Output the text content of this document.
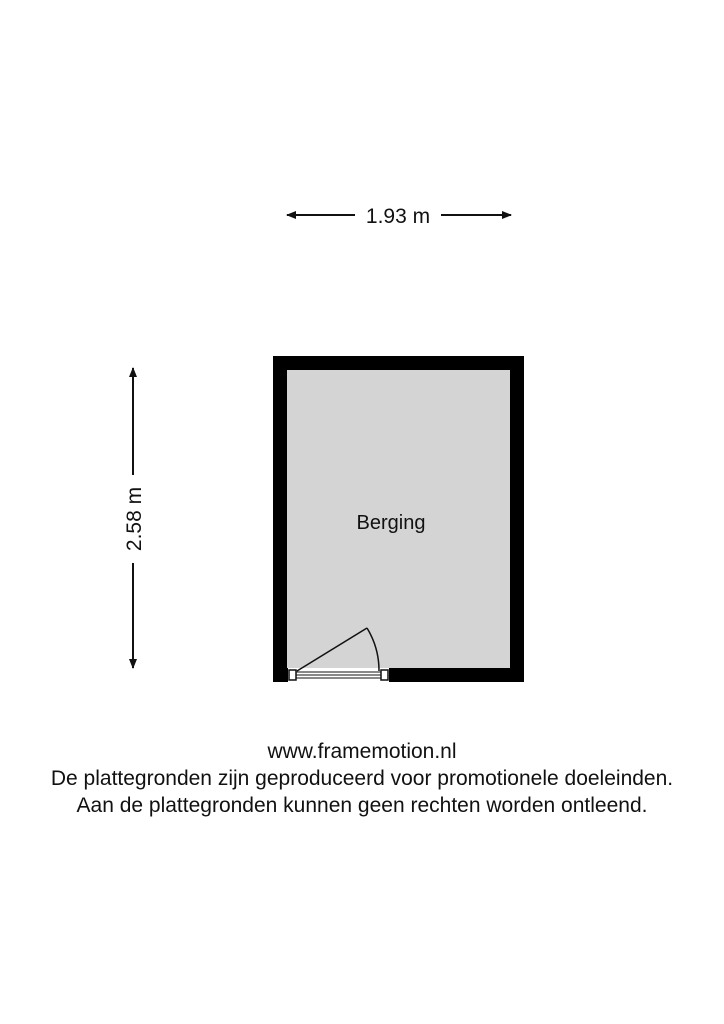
1.93 m
2.58 m	Berging
www.framemotion.nl
De plattegronden zijn geproduceerd voor promotionele doeleinden.
Aan de plattegronden kunnen geen rechten worden ontleend.
